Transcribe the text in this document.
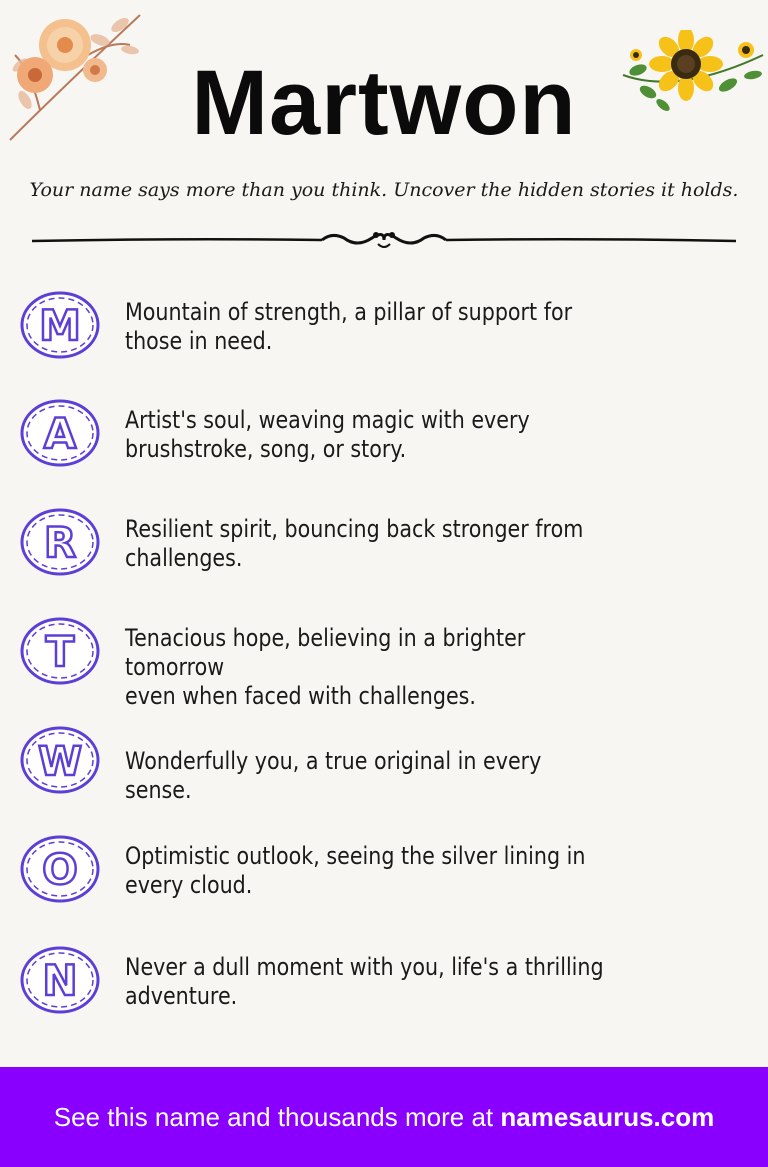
Martwon
Your name says more than you think. Uncover the hidden stories it holds.
M Mountain of strength, a pillar of support for
those in need.
A Artist's soul, weaving magic with every
brushstroke, song, or story.
R Resilient spirit, bouncing back stronger from
challenges.
T Tenacious hope, believing in a brighter tomorrow
even when faced with challenges.
W Wonderfully you, a true original in every sense.
O Optimistic outlook, seeing the silver lining in
every cloud.
N Never a dull moment with you, life's a thrilling
adventure.
See this name and thousands more at namesaurus.com
